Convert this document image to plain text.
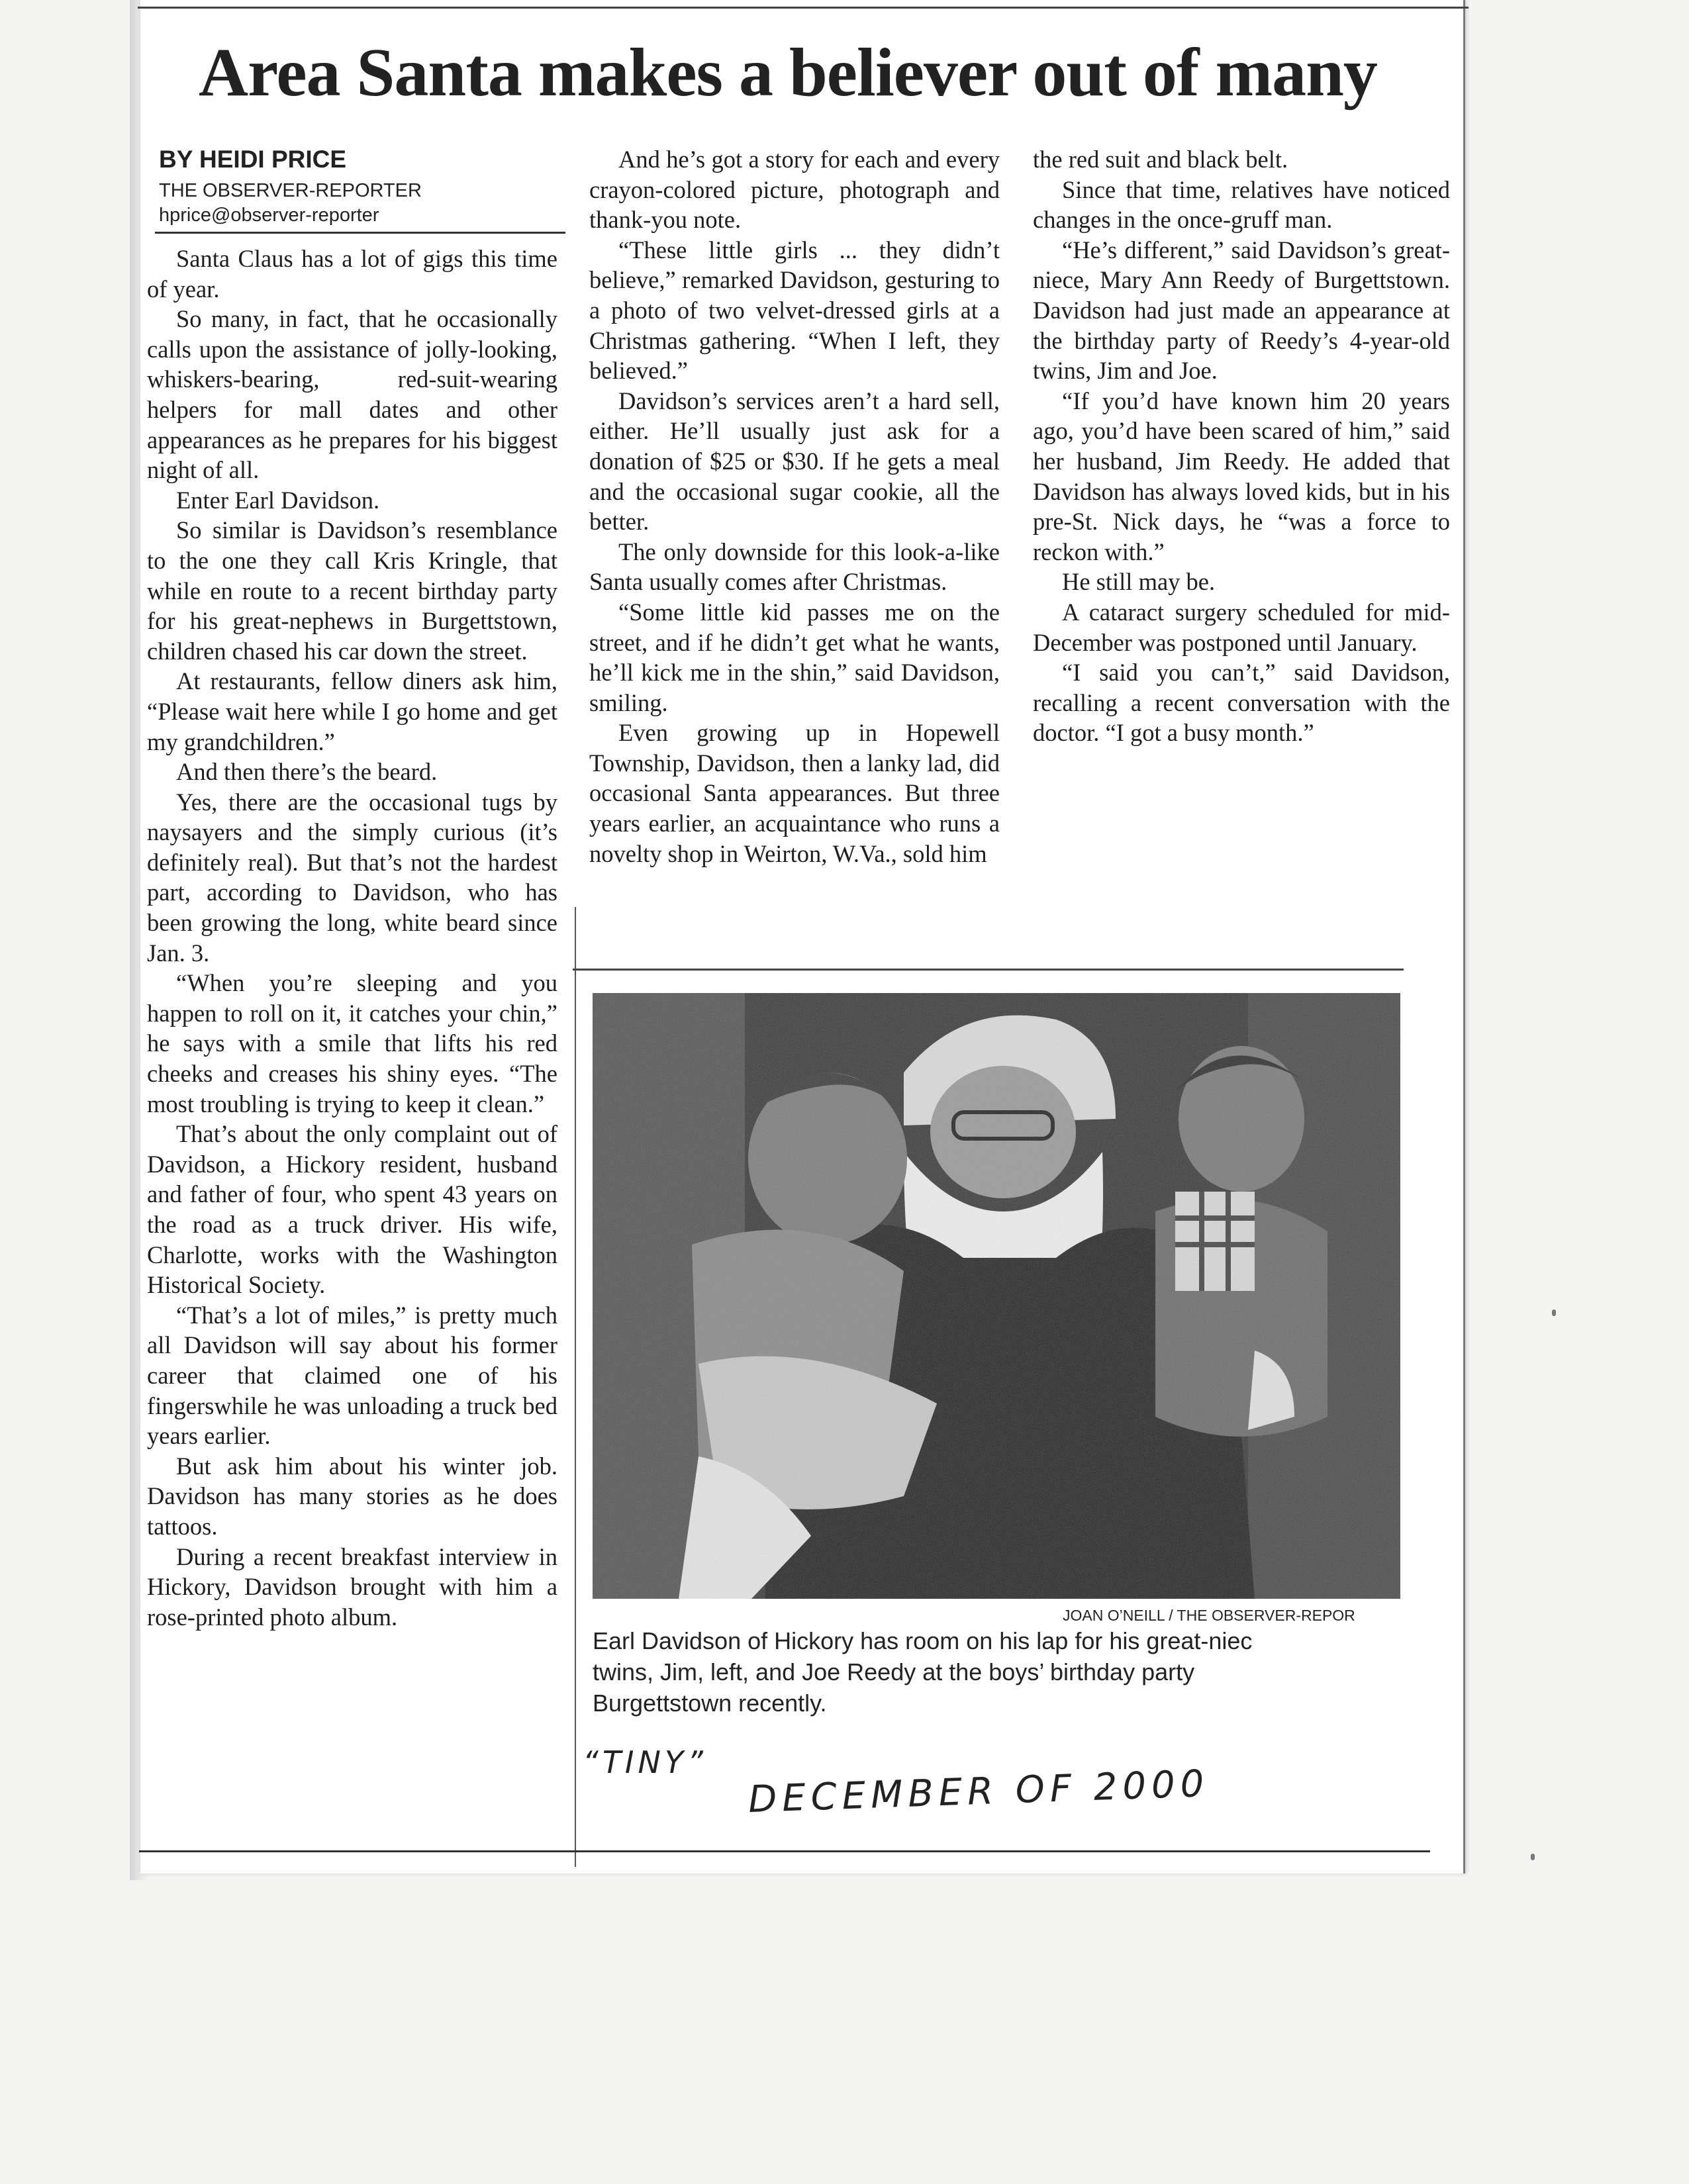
Area Santa makes a believer out of many
BY HEIDI PRICE
THE OBSERVER-REPORTER
hprice@observer-reporter

Santa Claus has a lot of gigs this time of year.

So many, in fact, that he occasionally calls upon the assistance of jolly-looking, whiskers-bearing, red-suit-wearing helpers for mall dates and other appearances as he prepares for his biggest night of all.

Enter Earl Davidson.

So similar is Davidson’s resemblance to the one they call Kris Kringle, that while en route to a recent birthday party for his great-nephews in Burgettstown, children chased his car down the street.

At restaurants, fellow diners ask him, “Please wait here while I go home and get my grandchildren.”

And then there’s the beard.

Yes, there are the occasional tugs by naysayers and the simply curious (it’s definitely real). But that’s not the hardest part, according to Davidson, who has been growing the long, white beard since Jan. 3.

“When you’re sleeping and you happen to roll on it, it catches your chin,” he says with a smile that lifts his red cheeks and creases his shiny eyes. “The most troubling is trying to keep it clean.”

That’s about the only complaint out of Davidson, a Hickory resident, husband and father of four, who spent 43 years on the road as a truck driver. His wife, Charlotte, works with the Washington Historical Society.

“That’s a lot of miles,” is pretty much all Davidson will say about his former career that claimed one of his fingerswhile he was unloading a truck bed years earlier.

But ask him about his winter job. Davidson has many stories as he does tattoos.

During a recent breakfast interview in Hickory, Davidson brought with him a rose-printed photo album.

And he’s got a story for each and every crayon-colored picture, photograph and thank-you note.

“These little girls ... they didn’t believe,” remarked Davidson, gesturing to a photo of two velvet-dressed girls at a Christmas gathering. “When I left, they believed.”

Davidson’s services aren’t a hard sell, either. He’ll usually just ask for a donation of $25 or $30. If he gets a meal and the occasional sugar cookie, all the better.

The only downside for this look-a-like Santa usually comes after Christmas.

“Some little kid passes me on the street, and if he didn’t get what he wants, he’ll kick me in the shin,” said Davidson, smiling.

Even growing up in Hopewell Township, Davidson, then a lanky lad, did occasional Santa appearances. But three years earlier, an acquaintance who runs a novelty shop in Weirton, W.Va., sold him

the red suit and black belt.

Since that time, relatives have noticed changes in the once-gruff man.

“He’s different,” said Davidson’s great-niece, Mary Ann Reedy of Burgettstown. Davidson had just made an appearance at the birthday party of Reedy’s 4-year-old twins, Jim and Joe.

“If you’d have known him 20 years ago, you’d have been scared of him,” said her husband, Jim Reedy. He added that Davidson has always loved kids, but in his pre-St. Nick days, he “was a force to reckon with.”

He still may be.

A cataract surgery scheduled for mid-December was postponed until January.

“I said you can’t,” said Davidson, recalling a recent conversation with the doctor. “I got a busy month.”

JOAN O’NEILL / THE OBSERVER-REPOR
Earl Davidson of Hickory has room on his lap for his great-niec
twins, Jim, left, and Joe Reedy at the boys’ birthday party
Burgettstown recently.
“TINY” DECEMBER OF 2000
